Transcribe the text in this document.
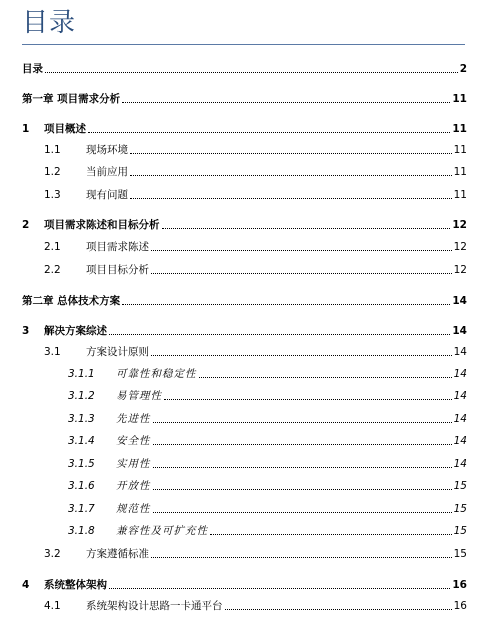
目录
目录	2
第一章 项目需求分析	11
1	项目概述	11
1.1	现场环境	11
1.2	当前应用	11
1.3	现有问题	11
2	项目需求陈述和目标分析	12
2.1	项目需求陈述	12
2.2	项目目标分析	12
第二章 总体技术方案	14
3	解决方案综述	14
3.1	方案设计原则	14
3.1.1	可靠性和稳定性	14
3.1.2	易管理性	14
3.1.3	先进性	14
3.1.4	安全性	14
3.1.5	实用性	14
3.1.6	开放性	15
3.1.7	规范性	15
3.1.8	兼容性及可扩充性	15
3.2	方案遵循标准	15
4	系统整体架构	16
4.1	系统架构设计思路一卡通平台	16
